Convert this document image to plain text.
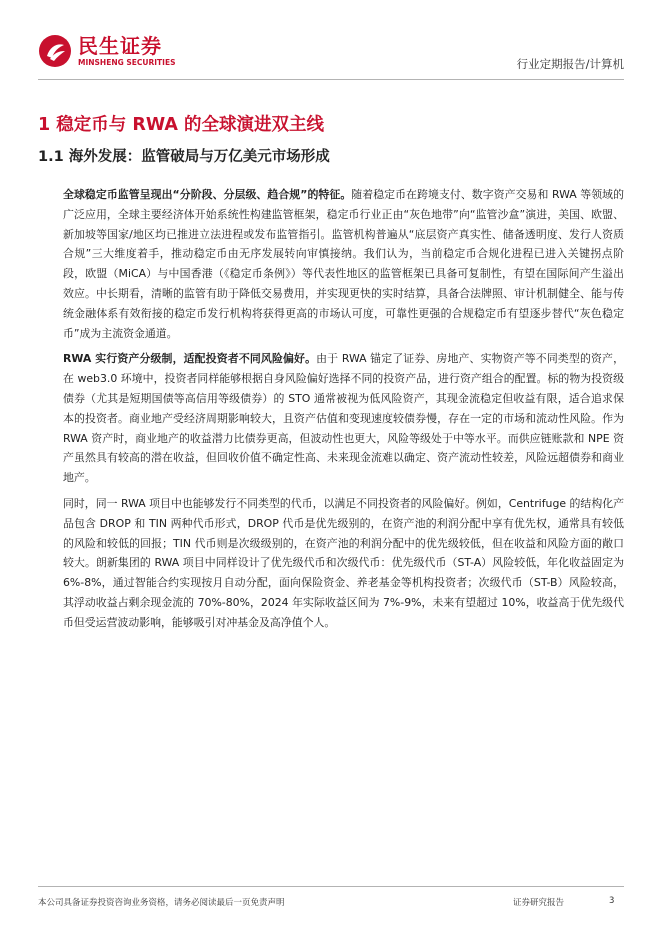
民生证券
MINSHENG SECURITIES	行业定期报告/计算机
1 稳定币与 RWA 的全球演进双主线
1.1 海外发展：监管破局与万亿美元市场形成

全球稳定币监管呈现出“分阶段、分层级、趋合规”的特征。随着稳定币在跨境支付、数字资产交易和 RWA 等领域的广泛应用，全球主要经济体开始系统性构建监管框架，稳定币行业正由“灰色地带”向“监管沙盒”演进，美国、欧盟、新加坡等国家/地区均已推进立法进程或发布监管指引。监管机构普遍从“底层资产真实性、储备透明度、发行人资质合规”三大维度着手，推动稳定币由无序发展转向审慎接纳。我们认为，当前稳定币合规化进程已进入关键拐点阶段，欧盟（MiCA）与中国香港（《稳定币条例》）等代表性地区的监管框架已具备可复制性，有望在国际间产生溢出效应。中长期看，清晰的监管有助于降低交易费用，并实现更快的实时结算，具备合法牌照、审计机制健全、能与传统金融体系有效衔接的稳定币发行机构将获得更高的市场认可度，可靠性更强的合规稳定币有望逐步替代“灰色稳定币”成为主流资金通道。

RWA 实行资产分级制，适配投资者不同风险偏好。由于 RWA 锚定了证券、房地产、实物资产等不同类型的资产，在 web3.0 环境中，投资者同样能够根据自身风险偏好选择不同的投资产品，进行资产组合的配置。标的物为投资级债券（尤其是短期国债等高信用等级债券）的 STO 通常被视为低风险资产，其现金流稳定但收益有限，适合追求保本的投资者。商业地产受经济周期影响较大，且资产估值和变现速度较债券慢，存在一定的市场和流动性风险。作为 RWA 资产时，商业地产的收益潜力比债券更高，但波动性也更大，风险等级处于中等水平。而供应链账款和 NPE 资产虽然具有较高的潜在收益，但回收价值不确定性高、未来现金流难以确定、资产流动性较差，风险远超债券和商业地产。

同时，同一 RWA 项目中也能够发行不同类型的代币，以满足不同投资者的风险偏好。例如，Centrifuge 的结构化产品包含 DROP 和 TIN 两种代币形式，DROP 代币是优先级别的，在资产池的利润分配中享有优先权，通常具有较低的风险和较低的回报；TIN 代币则是次级级别的，在资产池的利润分配中的优先级较低，但在收益和风险方面的敞口较大。朗新集团的 RWA 项目中同样设计了优先级代币和次级代币：优先级代币（ST-A）风险较低，年化收益固定为 6%-8%，通过智能合约实现按月自动分配，面向保险资金、养老基金等机构投资者；次级代币（ST-B）风险较高，其浮动收益占剩余现金流的 70%-80%，2024 年实际收益区间为 7%-9%，未来有望超过 10%，收益高于优先级代币但受运营波动影响，能够吸引对冲基金及高净值个人。

本公司具备证券投资咨询业务资格，请务必阅读最后一页免责声明	证券研究报告	3
